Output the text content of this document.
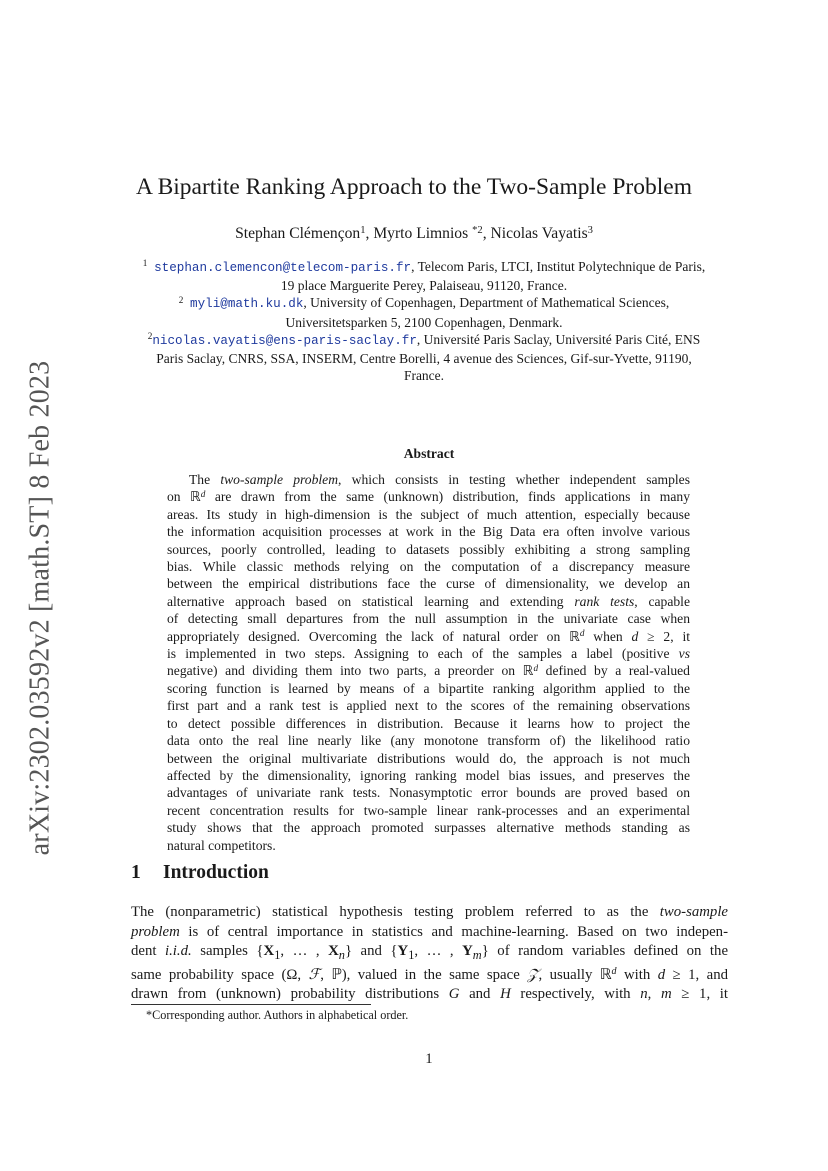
arXiv:2302.03592v2 [math.ST] 8 Feb 2023
A Bipartite Ranking Approach to the Two-Sample Problem
Stephan Clémençon$^1$, Myrto Limnios $^{*2}$, Nicolas Vayatis$^3$
$^1$ stephan.clemencon@telecom-paris.fr, Telecom Paris, LTCI, Institut Polytechnique de Paris,
19 place Marguerite Perey, Palaiseau, 91120, France.
$^2$ myli@math.ku.dk, University of Copenhagen, Department of Mathematical Sciences,
Universitetsparken 5, 2100 Copenhagen, Denmark.
$^2$nicolas.vayatis@ens-paris-saclay.fr, Université Paris Saclay, Université Paris Cité, ENS
Paris Saclay, CNRS, SSA, INSERM, Centre Borelli, 4 avenue des Sciences, Gif-sur-Yvette, 91190,
France.
Abstract
The two-sample problem, which consists in testing whether independent samples
on ℝ$^d$ are drawn from the same (unknown) distribution, finds applications in many
areas. Its study in high-dimension is the subject of much attention, especially because
the information acquisition processes at work in the Big Data era often involve various
sources, poorly controlled, leading to datasets possibly exhibiting a strong sampling
bias. While classic methods relying on the computation of a discrepancy measure
between the empirical distributions face the curse of dimensionality, we develop an
alternative approach based on statistical learning and extending rank tests, capable
of detecting small departures from the null assumption in the univariate case when
appropriately designed. Overcoming the lack of natural order on ℝ$^d$ when d ≥ 2, it
is implemented in two steps. Assigning to each of the samples a label (positive vs
negative) and dividing them into two parts, a preorder on ℝ$^d$ defined by a real-valued
scoring function is learned by means of a bipartite ranking algorithm applied to the
first part and a rank test is applied next to the scores of the remaining observations
to detect possible differences in distribution. Because it learns how to project the
data onto the real line nearly like (any monotone transform of) the likelihood ratio
between the original multivariate distributions would do, the approach is not much
affected by the dimensionality, ignoring ranking model bias issues, and preserves the
advantages of univariate rank tests. Nonasymptotic error bounds are proved based on
recent concentration results for two-sample linear rank-processes and an experimental
study shows that the approach promoted surpasses alternative methods standing as
natural competitors.
1 Introduction
The (nonparametric) statistical hypothesis testing problem referred to as the two-sample
problem is of central importance in statistics and machine-learning. Based on two indepen-
dent i.i.d. samples {$X_1$, … , $X_n$} and {$Y_1$, … , $Y_m$} of random variables defined on the
same probability space (Ω, ℱ, ℙ), valued in the same space 𝒵, usually ℝ$^d$ with d ≥ 1, and
drawn from (unknown) probability distributions G and H respectively, with n, m ≥ 1, it
*Corresponding author. Authors in alphabetical order.
1
